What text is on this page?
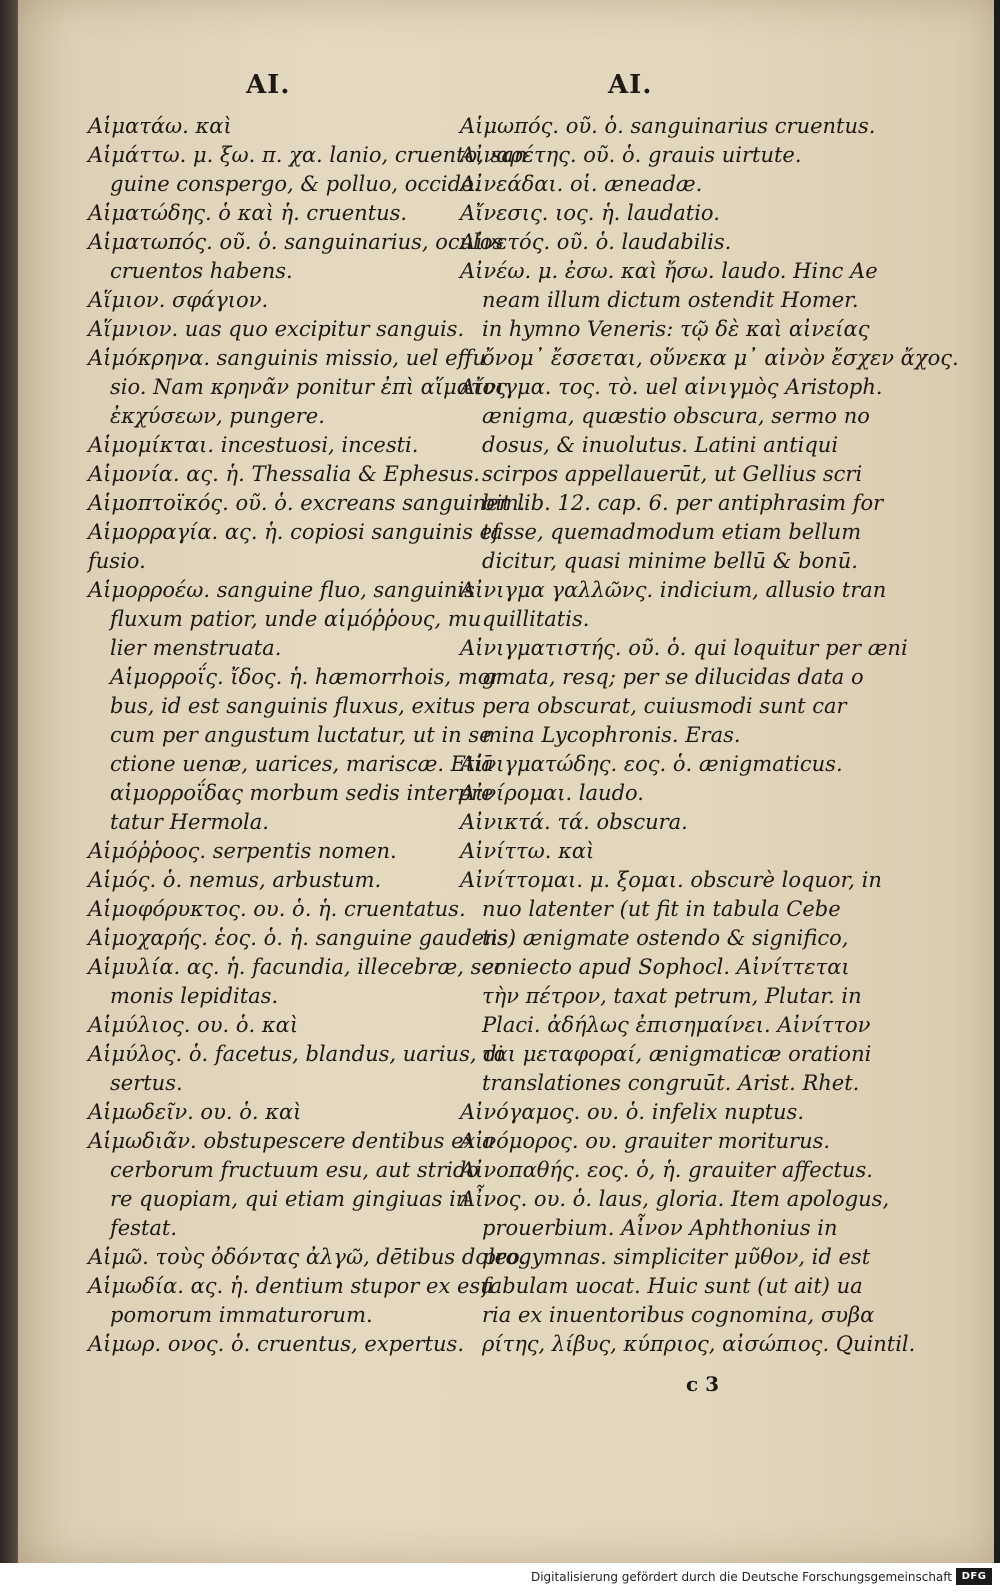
AI.	AI.
Αἱματάω. καὶ
Αἱμάττω. μ. ξω. π. χα. lanio, cruento, san
guine conspergo, & polluo, occido.
Αἱματώδης. ὁ καὶ ἡ. cruentus.
Αἱματωπός. οῦ. ὁ. sanguinarius, oculos
cruentos habens.
Αἵμιον. σφάγιον.
Αἵμνιον. uas quo excipitur sanguis.
Αἱμόκρηνα. sanguinis missio, uel effu
sio. Nam κρηνᾶν ponitur ἐπὶ αἵματος
ἐκχύσεων, pungere.
Αἱμομίκται. incestuosi, incesti.
Αἱμονία. ας. ἡ. Thessalia & Ephesus.
Αἱμοπτοϊκός. οῦ. ὁ. excreans sanguinem.
Αἱμορραγία. ας. ἡ. copiosi sanguinis ef
fusio.
Αἱμορροέω. sanguine fluo, sanguinis
fluxum patior, unde αἱμόῤῥους, mu
lier menstruata.
Αἱμορροΐς. ἴδος. ἡ. hæmorrhois, mor
bus, id est sanguinis fluxus, exitus
cum per angustum luctatur, ut in se
ctione uenæ, uarices, mariscæ. Etiā
αἱμορροΐδας morbum sedis interpre
tatur Hermola.
Αἱμόῤῥοος. serpentis nomen.
Αἱμός. ὁ. nemus, arbustum.
Αἱμοφόρυκτος. ου. ὁ. ἡ. cruentatus.
Αἱμοχαρής. ἑος. ὁ. ἡ. sanguine gaudens.
Αἱμυλία. ας. ἡ. facundia, illecebræ, ser
monis lepiditas.
Αἱμύλιος. ου. ὁ. καὶ
Αἱμύλος. ὁ. facetus, blandus, uarius, di
sertus.
Αἱμωδεῖν. ου. ὁ. καὶ
Αἱμωδιᾶν. obstupescere dentibus ex a
cerborum fructuum esu, aut strido
re quopiam, qui etiam gingiuas in
festat.
Αἱμῶ. τοὺς ὀδόντας ἀλγῶ, dētibus doleo.
Αἱμωδία. ας. ἡ. dentium stupor ex esu
pomorum immaturorum.
Αἱμωρ. ονος. ὁ. cruentus, expertus.
Αἱμωπός. οῦ. ὁ. sanguinarius cruentus.
Αἰναρέτης. οῦ. ὁ. grauis uirtute.
Αἰνεάδαι. οἱ. æneadæ.
Αἴνεσις. ιος. ἡ. laudatio.
Αἰνετός. οῦ. ὁ. laudabilis.
Αἰνέω. μ. ἐσω. καὶ ἤσω. laudo. Hinc Ae
neam illum dictum ostendit Homer.
in hymno Veneris: τῷ δὲ καὶ αἰνείας
ὄνομ᾽ ἔσσεται, οὕνεκα μ᾽ αἰνὸν ἔσχεν ἄχος.
Αἴνιγμα. τος. τὸ. uel αἰνιγμὸς Aristoph.
ænigma, quæstio obscura, sermo no
dosus, & inuolutus. Latini antiqui
scirpos appellauerūt, ut Gellius scri
bit lib. 12. cap. 6. per antiphrasim for
tasse, quemadmodum etiam bellum
dicitur, quasi minime bellū & bonū.
Αἰνιγμα γαλλῶνς. indicium, allusio tran
quillitatis.
Αἰνιγματιστής. οῦ. ὁ. qui loquitur per æni
gmata, resq; per se dilucidas data o
pera obscurat, cuiusmodi sunt car
mina Lycophronis. Eras.
Αἰνιγματώδης. εος. ὁ. ænigmaticus.
Αἰνίρομαι. laudo.
Αἰνικτά. τά. obscura.
Αἰνίττω. καὶ
Αἰνίττομαι. μ. ξομαι. obscurè loquor, in
nuo latenter (ut fit in tabula Cebe
tis) ænigmate ostendo & significo,
coniecto apud Sophocl. Αἰνίττεται
τὴν πέτρον, taxat petrum, Plutar. in
Placi. ἀδήλως ἐπισημαίνει. Αἰνίττον
ται μεταφοραί, ænigmaticæ orationi
translationes congruūt. Arist. Rhet.
Αἰνόγαμος. ου. ὁ. infelix nuptus.
Αἰνόμορος. ου. grauiter moriturus.
Αἰνοπαθής. εος. ὁ, ἡ. grauiter affectus.
Αἶνος. ου. ὁ. laus, gloria. Item apologus,
prouerbium. Αἶνον Aphthonius in
progymnas. simpliciter μῦθον, id est
fabulam uocat. Huic sunt (ut ait) ua
ria ex inuentoribus cognomina, συβα
ρίτης, λίβυς, κύπριος, αἰσώπιος. Quintil.
c 3
Digitalisierung gefördert durch die Deutsche Forschungsgemeinschaft DFG
